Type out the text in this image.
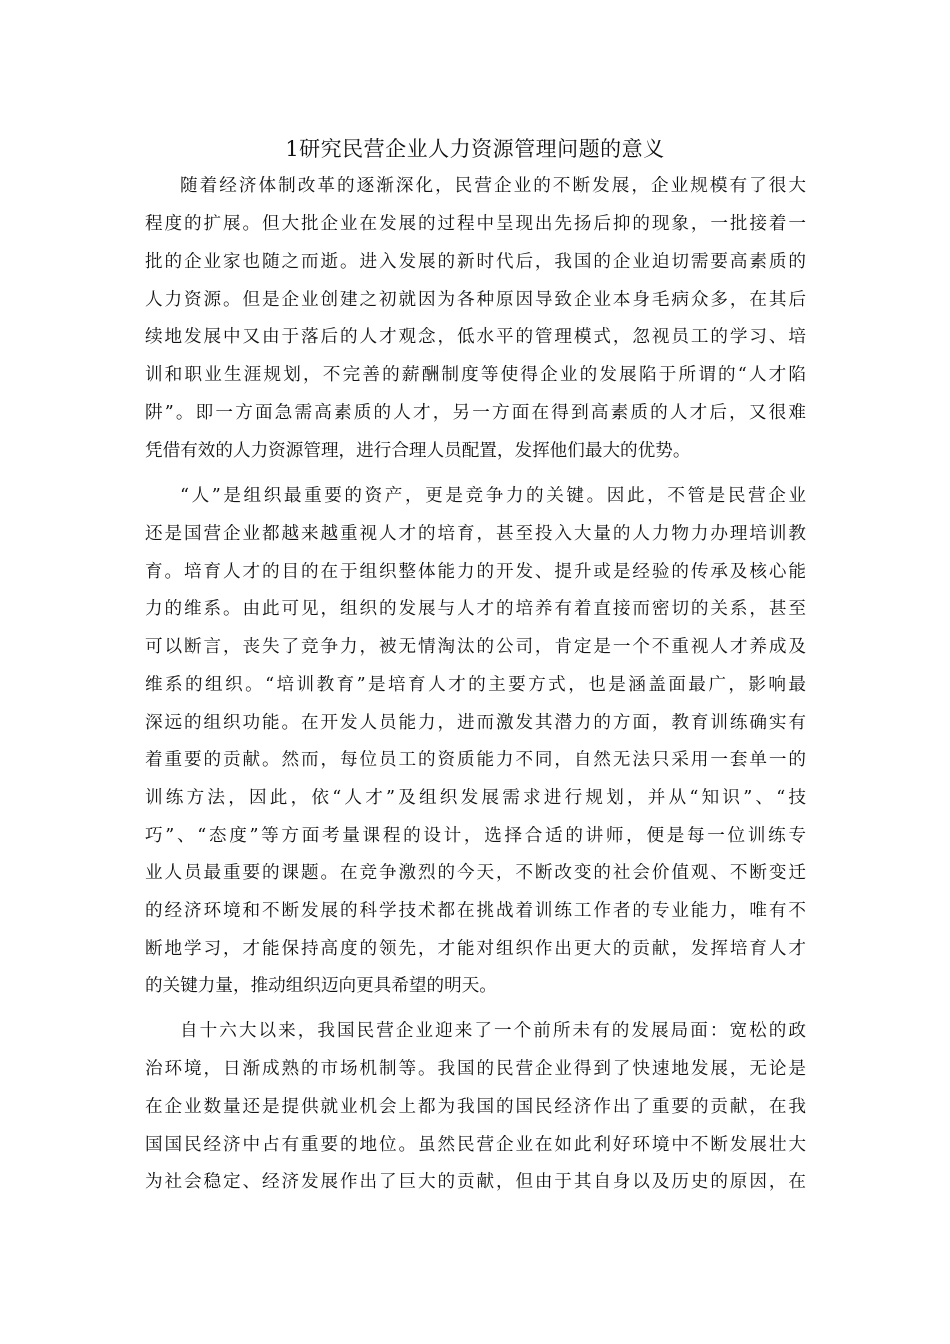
1研究民营企业人力资源管理问题的意义
随着经济体制改革的逐渐深化，民营企业的不断发展，企业规模有了很大
程度的扩展。但大批企业在发展的过程中呈现出先扬后抑的现象，一批接着一
批的企业家也随之而逝。进入发展的新时代后，我国的企业迫切需要高素质的
人力资源。但是企业创建之初就因为各种原因导致企业本身毛病众多，在其后
续地发展中又由于落后的人才观念，低水平的管理模式，忽视员工的学习、培
训和职业生涯规划，不完善的薪酬制度等使得企业的发展陷于所谓的“人才陷
阱”。即一方面急需高素质的人才，另一方面在得到高素质的人才后，又很难
凭借有效的人力资源管理，进行合理人员配置，发挥他们最大的优势。
“人”是组织最重要的资产，更是竞争力的关键。因此，不管是民营企业
还是国营企业都越来越重视人才的培育，甚至投入大量的人力物力办理培训教
育。培育人才的目的在于组织整体能力的开发、提升或是经验的传承及核心能
力的维系。由此可见，组织的发展与人才的培养有着直接而密切的关系，甚至
可以断言，丧失了竞争力，被无情淘汰的公司，肯定是一个不重视人才养成及
维系的组织。“培训教育”是培育人才的主要方式，也是涵盖面最广，影响最
深远的组织功能。在开发人员能力，进而激发其潜力的方面，教育训练确实有
着重要的贡献。然而，每位员工的资质能力不同，自然无法只采用一套单一的
训练方法，因此，依“人才”及组织发展需求进行规划，并从“知识”、“技
巧”、“态度”等方面考量课程的设计，选择合适的讲师，便是每一位训练专
业人员最重要的课题。在竞争激烈的今天，不断改变的社会价值观、不断变迁
的经济环境和不断发展的科学技术都在挑战着训练工作者的专业能力，唯有不
断地学习，才能保持高度的领先，才能对组织作出更大的贡献，发挥培育人才
的关键力量，推动组织迈向更具希望的明天。
自十六大以来，我国民营企业迎来了一个前所未有的发展局面：宽松的政
治环境，日渐成熟的市场机制等。我国的民营企业得到了快速地发展，无论是
在企业数量还是提供就业机会上都为我国的国民经济作出了重要的贡献，在我
国国民经济中占有重要的地位。虽然民营企业在如此利好环境中不断发展壮大
为社会稳定、经济发展作出了巨大的贡献，但由于其自身以及历史的原因，在
